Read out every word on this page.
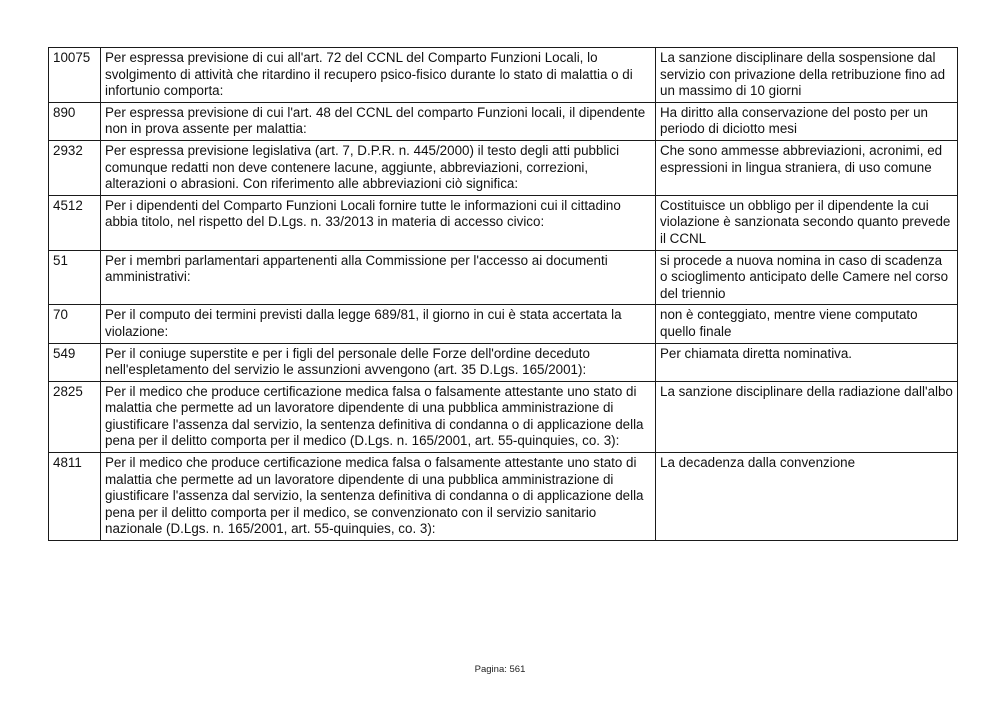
10075	Per espressa previsione di cui all'art. 72 del CCNL del Comparto Funzioni Locali, lo svolgimento di attività che ritardino il recupero psico-fisico durante lo stato di malattia o di infortunio comporta:	La sanzione disciplinare della sospensione dal servizio con privazione della retribuzione fino ad un massimo di 10 giorni
890	Per espressa previsione di cui l'art. 48 del CCNL del comparto Funzioni locali, il dipendente non in prova assente per malattia:	Ha diritto alla conservazione del posto per un periodo di diciotto mesi
2932	Per espressa previsione legislativa (art. 7, D.P.R. n. 445/2000) il testo degli atti pubblici comunque redatti non deve contenere lacune, aggiunte, abbreviazioni, correzioni, alterazioni o abrasioni. Con riferimento alle abbreviazioni ciò significa:	Che sono ammesse abbreviazioni, acronimi, ed espressioni in lingua straniera, di uso comune
4512	Per i dipendenti del Comparto Funzioni Locali fornire tutte le informazioni cui il cittadino abbia titolo, nel rispetto del D.Lgs. n. 33/2013 in materia di accesso civico:	Costituisce un obbligo per il dipendente la cui violazione è sanzionata secondo quanto prevede il CCNL
51	Per i membri parlamentari appartenenti alla Commissione per l'accesso ai documenti amministrativi:	si procede a nuova nomina in caso di scadenza o scioglimento anticipato delle Camere nel corso del triennio
70	Per il computo dei termini previsti dalla legge 689/81, il giorno in cui è stata accertata la violazione:	non è conteggiato, mentre viene computato quello finale
549	Per il coniuge superstite e per i figli del personale delle Forze dell'ordine deceduto nell'espletamento del servizio le assunzioni avvengono (art. 35 D.Lgs. 165/2001):	Per chiamata diretta nominativa.
2825	Per il medico che produce certificazione medica falsa o falsamente attestante uno stato di malattia che permette ad un lavoratore dipendente di una pubblica amministrazione di giustificare l'assenza dal servizio, la sentenza definitiva di condanna o di applicazione della pena per il delitto comporta per il medico (D.Lgs. n. 165/2001, art. 55-quinquies, co. 3):	La sanzione disciplinare della radiazione dall'albo
4811	Per il medico che produce certificazione medica falsa o falsamente attestante uno stato di malattia che permette ad un lavoratore dipendente di una pubblica amministrazione di giustificare l'assenza dal servizio, la sentenza definitiva di condanna o di applicazione della pena per il delitto comporta per il medico, se convenzionato con il servizio sanitario nazionale (D.Lgs. n. 165/2001, art. 55-quinquies, co. 3):	La decadenza dalla convenzione
Pagina: 561
